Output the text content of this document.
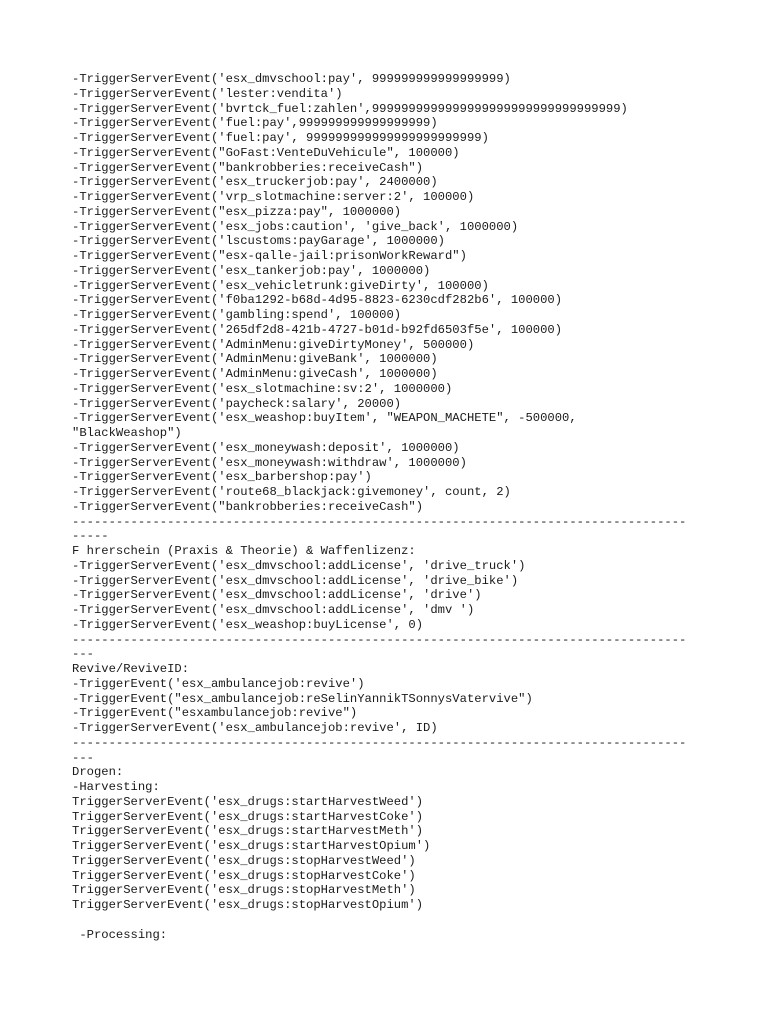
-TriggerServerEvent('esx_dmvschool:pay', 999999999999999999)
-TriggerServerEvent('lester:vendita')
-TriggerServerEvent('bvrtck_fuel:zahlen',9999999999999999999999999999999999)
-TriggerServerEvent('fuel:pay',999999999999999999)
-TriggerServerEvent('fuel:pay', 999999999999999999999999)
-TriggerServerEvent("GoFast:VenteDuVehicule", 100000)
-TriggerServerEvent("bankrobberies:receiveCash")
-TriggerServerEvent('esx_truckerjob:pay', 2400000)
-TriggerServerEvent('vrp_slotmachine:server:2', 100000)
-TriggerServerEvent("esx_pizza:pay", 1000000)
-TriggerServerEvent('esx_jobs:caution', 'give_back', 1000000)
-TriggerServerEvent('lscustoms:payGarage', 1000000)
-TriggerServerEvent("esx-qalle-jail:prisonWorkReward")
-TriggerServerEvent('esx_tankerjob:pay', 1000000)
-TriggerServerEvent('esx_vehicletrunk:giveDirty', 100000)
-TriggerServerEvent('f0ba1292-b68d-4d95-8823-6230cdf282b6', 100000)
-TriggerServerEvent('gambling:spend', 100000)
-TriggerServerEvent('265df2d8-421b-4727-b01d-b92fd6503f5e', 100000)
-TriggerServerEvent('AdminMenu:giveDirtyMoney', 500000)
-TriggerServerEvent('AdminMenu:giveBank', 1000000)
-TriggerServerEvent('AdminMenu:giveCash', 1000000)
-TriggerServerEvent('esx_slotmachine:sv:2', 1000000)
-TriggerServerEvent('paycheck:salary', 20000)
-TriggerServerEvent('esx_weashop:buyItem', "WEAPON_MACHETE", -500000,
"BlackWeashop")
-TriggerServerEvent('esx_moneywash:deposit', 1000000)
-TriggerServerEvent('esx_moneywash:withdraw', 1000000)
-TriggerServerEvent('esx_barbershop:pay')
-TriggerServerEvent('route68_blackjack:givemoney', count, 2)
-TriggerServerEvent("bankrobberies:receiveCash")
------------------------------------------------------------------------------------
-----
F﻿ hrerschein (Praxis & Theorie) & Waffenlizenz:
-TriggerServerEvent('esx_dmvschool:addLicense', 'drive_truck')
-TriggerServerEvent('esx_dmvschool:addLicense', 'drive_bike')
-TriggerServerEvent('esx_dmvschool:addLicense', 'drive')
-TriggerServerEvent('esx_dmvschool:addLicense', 'dmv ')
-TriggerServerEvent('esx_weashop:buyLicense', 0)
------------------------------------------------------------------------------------
---
Revive/ReviveID:
-TriggerEvent('esx_ambulancejob:revive')
-TriggerEvent("esx_ambulancejob:reSelinYannikTSonnysVatervive")
-TriggerEvent("esxambulancejob:revive")
-TriggerServerEvent('esx_ambulancejob:revive', ID)
------------------------------------------------------------------------------------
---
Drogen:
-Harvesting:
TriggerServerEvent('esx_drugs:startHarvestWeed')
TriggerServerEvent('esx_drugs:startHarvestCoke')
TriggerServerEvent('esx_drugs:startHarvestMeth')
TriggerServerEvent('esx_drugs:startHarvestOpium')
TriggerServerEvent('esx_drugs:stopHarvestWeed')
TriggerServerEvent('esx_drugs:stopHarvestCoke')
TriggerServerEvent('esx_drugs:stopHarvestMeth')
TriggerServerEvent('esx_drugs:stopHarvestOpium')
-Processing:
